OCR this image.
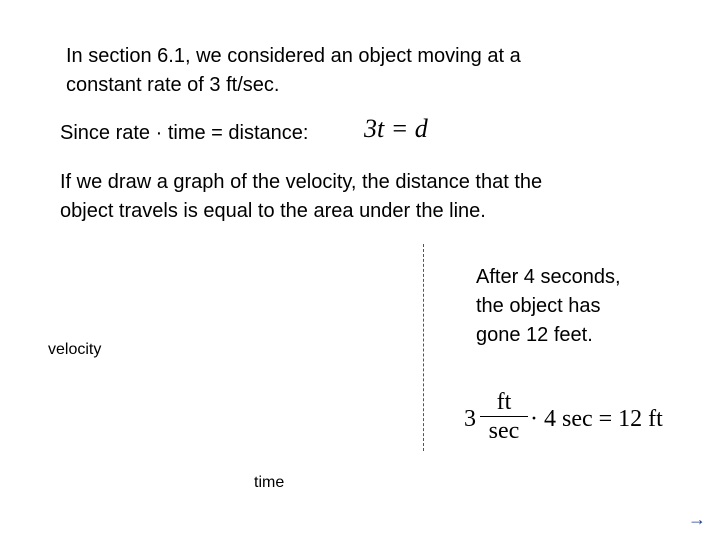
In section 6.1, we considered an object moving at a
constant rate of 3 ft/sec.
Since rate · time = distance: 3t = d
If we draw a graph of the velocity, the distance that the
object travels is equal to the area under the line.
After 4 seconds,
the object has
gone 12 feet.
velocity
time
3
ft
sec · 4 sec = 12 ft
→
